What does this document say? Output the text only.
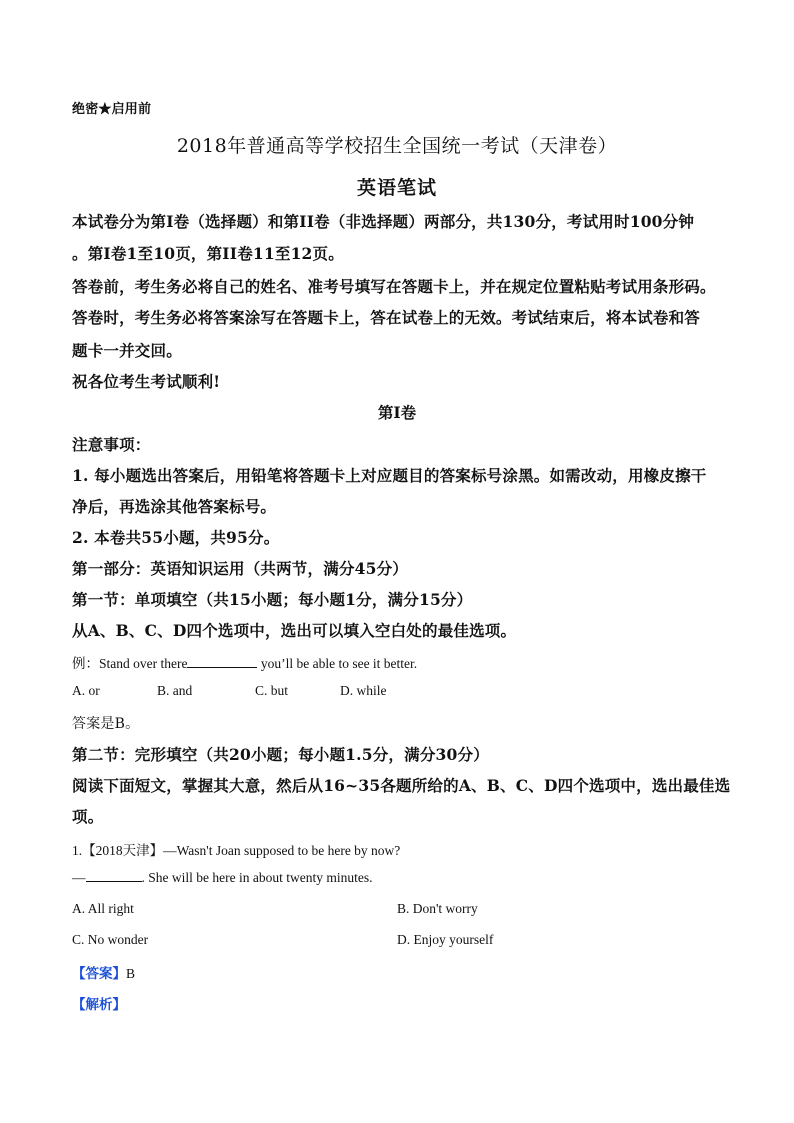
绝密★启用前
2018年普通高等学校招生全国统一考试（天津卷）
英语笔试
本试卷分为第I卷（选择题）和第II卷（非选择题）两部分，共130分，考试用时100分钟
。第I卷1至10页，第II卷11至12页。
答卷前，考生务必将自己的姓名、准考号填写在答题卡上，并在规定位置粘贴考试用条形码。
答卷时，考生务必将答案涂写在答题卡上，答在试卷上的无效。考试结束后，将本试卷和答
题卡一并交回。
祝各位考生考试顺利!
第I卷
注意事项：
1. 每小题选出答案后，用铅笔将答题卡上对应题目的答案标号涂黑。如需改动，用橡皮擦干
净后，再选涂其他答案标号。
2. 本卷共55小题，共95分。
第一部分：英语知识运用（共两节，满分45分）
第一节：单项填空（共15小题；每小题1分，满分15分）
从A、B、C、D四个选项中，选出可以填入空白处的最佳选项。
例：Stand over there	you’ll be able to see it better.
A. or	B. and	C. but	D. while
答案是B。
第二节：完形填空（共20小题；每小题1.5分，满分30分）
阅读下面短文，掌握其大意，然后从16~35各题所给的A、B、C、D四个选项中，选出最佳选
项。
1.【2018天津】—Wasn't Joan supposed to be here by now?
—	. She will be here in about twenty minutes.
A. All right	B. Don't worry
C. No wonder	D. Enjoy yourself
【答案】B
【解析】
